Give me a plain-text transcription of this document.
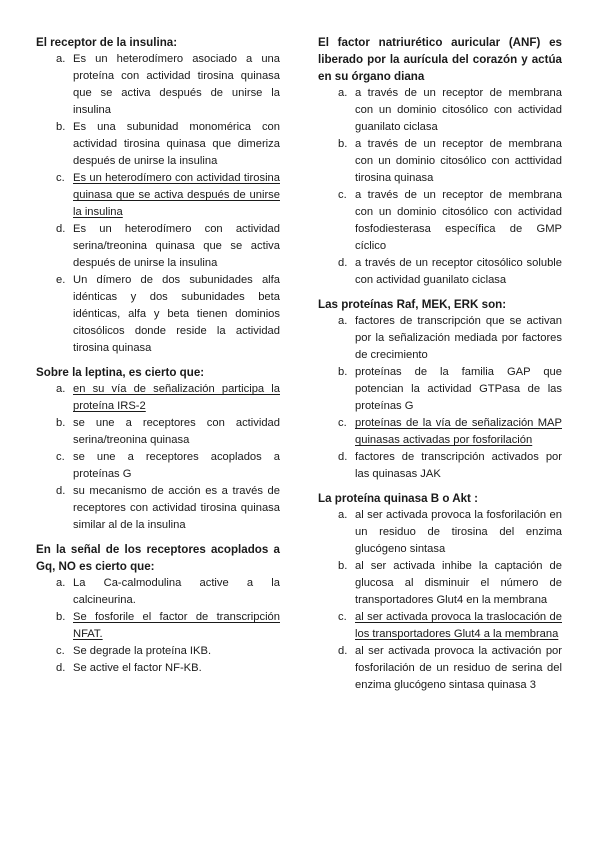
El receptor de la insulina:
a. Es un heterodímero asociado a una proteína con actividad tirosina quinasa que se activa después de unirse la insulina
b. Es una subunidad monomérica con actividad tirosina quinasa que dimeriza después de unirse la insulina
c. Es un heterodímero con actividad tirosina quinasa que se activa después de unirse la insulina
d. Es un heterodímero con actividad serina/treonina quinasa que se activa después de unirse la insulina
e. Un dímero de dos subunidades alfa idénticas y dos subunidades beta idénticas, alfa y beta tienen dominios citosólicos donde reside la actividad tirosina quinasa
Sobre la leptina, es cierto que:
a. en su vía de señalización participa la proteína IRS-2
b. se une a receptores con actividad serina/treonina quinasa
c. se une a receptores acoplados a proteínas G
d. su mecanismo de acción es a través de receptores con actividad tirosina quinasa similar al de la insulina
En la señal de los receptores acoplados a Gq, NO es cierto que:
a. La Ca-calmodulina active a la calcineurina.
b. Se fosforile el factor de transcripción NFAT.
c. Se degrade la proteína IKB.
d. Se active el factor NF-KB.
El factor natriurético auricular (ANF) es liberado por la aurícula del corazón y actúa en su órgano diana
a. a través de un receptor de membrana con un dominio citosólico con actividad guanilato ciclasa
b. a través de un receptor de membrana con un dominio citosólico con acttividad tirosina quinasa
c. a través de un receptor de membrana con un dominio citosólico con actividad fosfodiesterasa específica de GMP cíclico
d. a través de un receptor citosólico soluble con actividad guanilato ciclasa
Las proteínas Raf, MEK, ERK son:
a. factores de transcripción que se activan por la señalización mediada por factores de crecimiento
b. proteínas de la familia GAP que potencian la actividad GTPasa de las proteínas G
c. proteínas de la vía de señalización MAP quinasas activadas por fosforilación
d. factores de transcripción activados por las quinasas JAK
La proteína quinasa B o Akt :
a. al ser activada provoca la fosforilación en un residuo de tirosina del enzima glucógeno sintasa
b. al ser activada inhibe la captación de glucosa al disminuir el número de transportadores Glut4 en la membrana
c. al ser activada provoca la traslocación de los transportadores Glut4 a la membrana
d. al ser activada provoca la activación por fosforilación de un residuo de serina del enzima glucógeno sintasa quinasa 3
